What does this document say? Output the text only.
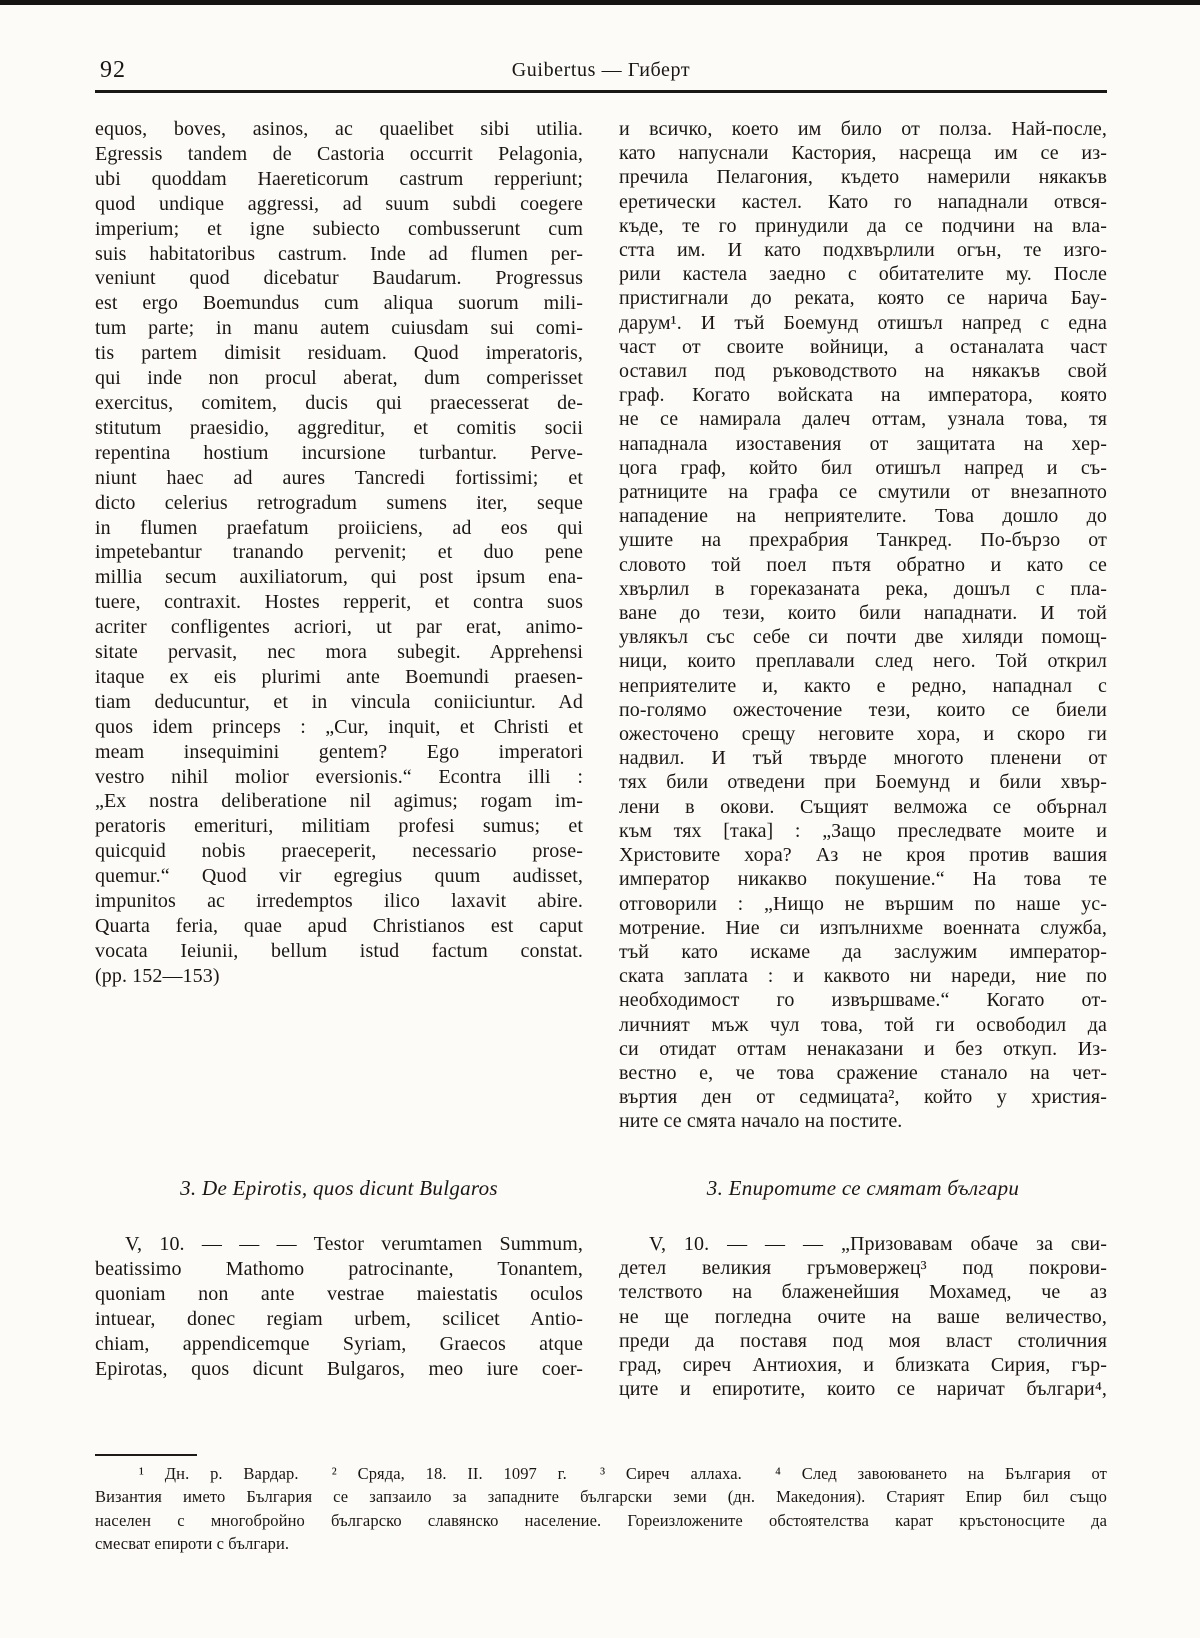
92	Guibertus — Гиберт
equos, boves, asinos, ac quaelibet sibi utilia.
Egressis tandem de Castoria occurrit Pelagonia,
ubi quoddam Haereticorum castrum repperiunt;
quod undique aggressi, ad suum subdi coegere
imperium; et igne subiecto combusserunt cum
suis habitatoribus castrum. Inde ad flumen per-
veniunt quod dicebatur Baudarum. Progressus
est ergo Boemundus cum aliqua suorum mili-
tum parte; in manu autem cuiusdam sui comi-
tis partem dimisit residuam. Quod imperatoris,
qui inde non procul aberat, dum comperisset
exercitus, comitem, ducis qui praecesserat de-
stitutum praesidio, aggreditur, et comitis socii
repentina hostium incursione turbantur. Perve-
niunt haec ad aures Tancredi fortissimi; et
dicto celerius retrogradum sumens iter, seque
in flumen praefatum proiiciens, ad eos qui
impetebantur tranando pervenit; et duo pene
millia secum auxiliatorum, qui post ipsum ena-
tuere, contraxit. Hostes repperit, et contra suos
acriter confligentes acriori, ut par erat, animo-
sitate pervasit, nec mora subegit. Apprehensi
itaque ex eis plurimi ante Boemundi praesen-
tiam deducuntur, et in vincula coniiciuntur. Ad
quos idem princeps : „Cur, inquit, et Christi et
meam insequimini gentem? Ego imperatori
vestro nihil molior eversionis.“ Econtra illi :
„Ex nostra deliberatione nil agimus; rogam im-
peratoris emerituri, militiam profesi sumus; et
quicquid nobis praeceperit, necessario prose-
quemur.“ Quod vir egregius quum audisset,
impunitos ac irredemptos ilico laxavit abire.
Quarta feria, quae apud Christianos est caput
vocata Ieiunii, bellum istud factum constat.
(pp. 152—153)
и всичко, което им било от полза. Най-после,
като напуснали Кастория, насреща им се из-
пречила Пелагония, където намерили някакъв
еретически кастел. Като го нападнали отвся-
къде, те го принудили да се подчини на вла-
стта им. И като подхвърлили огън, те изго-
рили кастела заедно с обитателите му. После
пристигнали до реката, която се нарича Бау-
дарум¹. И тъй Боемунд отишъл напред с една
част от своите войници, а останалата част
оставил под ръководството на някакъв свой
граф. Когато войската на императора, която
не се намирала далеч оттам, узнала това, тя
нападнала изоставения от защитата на хер-
цога граф, който бил отишъл напред и съ-
ратниците на графа се смутили от внезапното
нападение на неприятелите. Това дошло до
ушите на прехрабрия Танкред. По-бързо от
словото той поел пътя обратно и като се
хвърлил в гореказаната река, дошъл с пла-
ване до тези, които били нападнати. И той
увлякъл със себе си почти две хиляди помощ-
ници, които преплавали след него. Той открил
неприятелите и, както е редно, нападнал с
по-голямо ожесточение тези, които се биели
ожесточено срещу неговите хора, и скоро ги
надвил. И тъй твърде многото пленени от
тях били отведени при Боемунд и били хвър-
лени в окови. Същият велможа се обърнал
към тях [така] : „Защо преследвате моите и
Христовите хора? Аз не кроя против вашия
император никакво покушение.“ На това те
отговорили : „Нищо не вършим по наше ус-
мотрение. Ние си изпълнихме военната служба,
тъй като искаме да заслужим император-
ската заплата : и каквото ни нареди, ние по
необходимост го извършваме.“ Когато от-
личният мъж чул това, той ги освободил да
си отидат оттам ненаказани и без откуп. Из-
вестно е, че това сражение станало на чет-
въртия ден от седмицата², който у христия-
ните се смята начало на постите.
3. De Epirotis, quos dicunt Bulgaros	3. Епиротите се смятат българи
V, 10. — — — Testor verumtamen Summum,
beatissimo Mathomo patrocinante, Tonantem,
quoniam non ante vestrae maiestatis oculos
intuear, donec regiam urbem, scilicet Antio-
chiam, appendicemque Syriam, Graecos atque
Epirotas, quos dicunt Bulgaros, meo iure coer-
V, 10. — — — „Призовавам обаче за сви-
детел великия гръмовержец³ под покрови-
телството на блаженейшия Мохамед, че аз
не ще погледна очите на ваше величество,
преди да поставя под моя власт столичния
град, сиреч Антиохия, и близката Сирия, гър-
ците и епиротите, които се наричат българи⁴,
¹ Дн. р. Вардар.  ² Сряда, 18. II. 1097 г.  ³ Сиреч аллаха.  ⁴ След завоюването на България от
Византия името България се запзаило за западните български земи (дн. Македония). Старият Епир бил също
населен с многобройно българско славянско население. Гореизложените обстоятелства карат кръстоносците да
смесват епироти с българи.
